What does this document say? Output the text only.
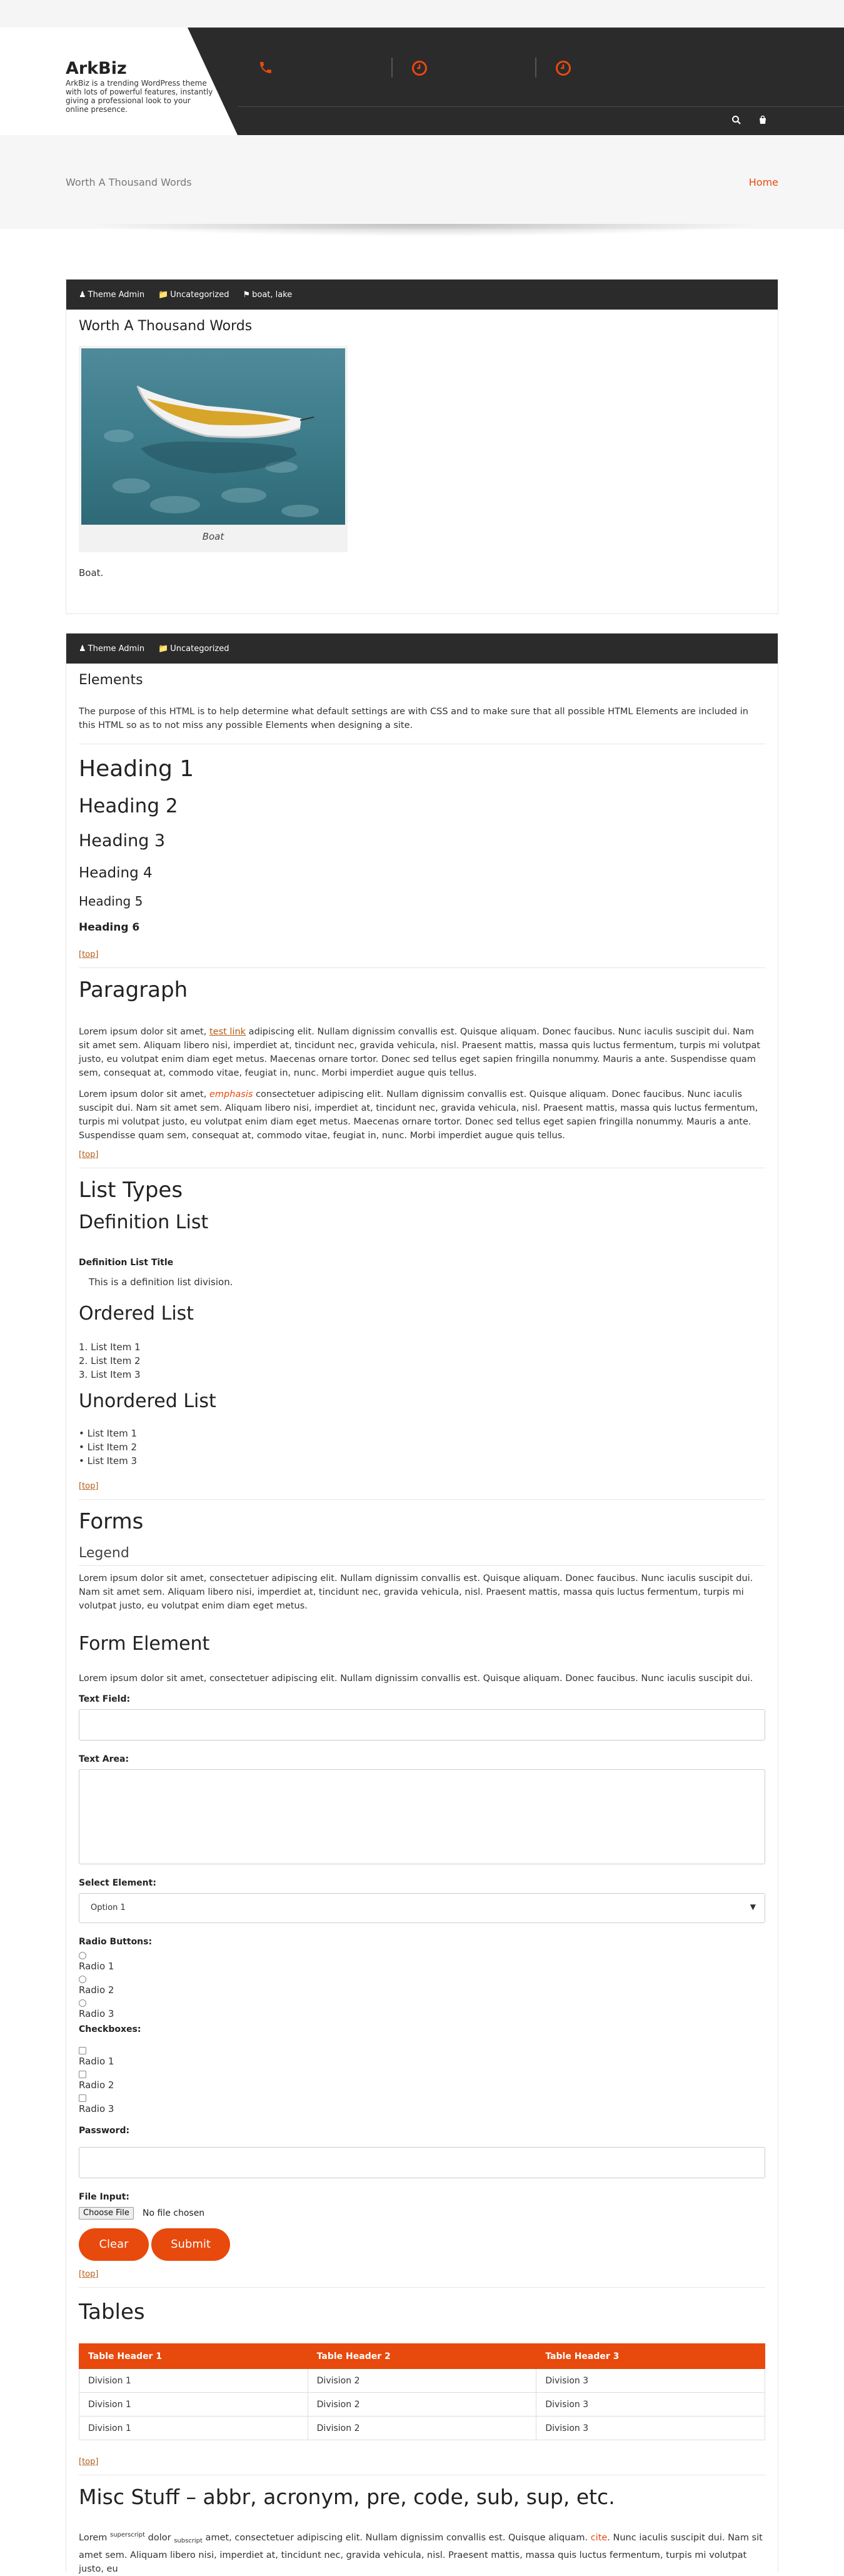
ArkBiz
ArkBiz is a trending WordPress theme with lots of powerful features, instantly giving a professional look to your online presence.
Worth A Thousand Words	Home
♟ Theme Admin 📁 Uncategorized ⚑ boat, lake
Worth A Thousand Words
Boat
Boat.
♟ Theme Admin 📁 Uncategorized
Elements
The purpose of this HTML is to help determine what default settings are with CSS and to make sure that all possible HTML Elements are included in this HTML so as to not miss any possible Elements when designing a site.
Heading 1
Heading 2
Heading 3
Heading 4
Heading 5
Heading 6
[top]
Paragraph
Lorem ipsum dolor sit amet, test link adipiscing elit. Nullam dignissim convallis est. Quisque aliquam. Donec faucibus. Nunc iaculis suscipit dui. Nam sit amet sem. Aliquam libero nisi, imperdiet at, tincidunt nec, gravida vehicula, nisl. Praesent mattis, massa quis luctus fermentum, turpis mi volutpat justo, eu volutpat enim diam eget metus. Maecenas ornare tortor. Donec sed tellus eget sapien fringilla nonummy. Mauris a ante. Suspendisse quam sem, consequat at, commodo vitae, feugiat in, nunc. Morbi imperdiet augue quis tellus.
Lorem ipsum dolor sit amet, emphasis consectetuer adipiscing elit. Nullam dignissim convallis est. Quisque aliquam. Donec faucibus. Nunc iaculis suscipit dui. Nam sit amet sem. Aliquam libero nisi, imperdiet at, tincidunt nec, gravida vehicula, nisl. Praesent mattis, massa quis luctus fermentum, turpis mi volutpat justo, eu volutpat enim diam eget metus. Maecenas ornare tortor. Donec sed tellus eget sapien fringilla nonummy. Mauris a ante. Suspendisse quam sem, consequat at, commodo vitae, feugiat in, nunc. Morbi imperdiet augue quis tellus.
[top]
List Types
Definition List
Definition List Title
This is a definition list division.
Ordered List
1. List Item 1
2. List Item 2
3. List Item 3
Unordered List
• List Item 1
• List Item 2
• List Item 3
[top]
Forms
Legend
Lorem ipsum dolor sit amet, consectetuer adipiscing elit. Nullam dignissim convallis est. Quisque aliquam. Donec faucibus. Nunc iaculis suscipit dui. Nam sit amet sem. Aliquam libero nisi, imperdiet at, tincidunt nec, gravida vehicula, nisl. Praesent mattis, massa quis luctus fermentum, turpis mi volutpat justo, eu volutpat enim diam eget metus.
Form Element
Lorem ipsum dolor sit amet, consectetuer adipiscing elit. Nullam dignissim convallis est. Quisque aliquam. Donec faucibus. Nunc iaculis suscipit dui.
Text Field:
Text Area:
Select Element:
Option 1	▼
Radio Buttons:
Radio 1
Radio 2
Radio 3
Checkboxes:
Radio 1
Radio 2
Radio 3
Password:
File Input:
Choose File	No file chosen
Clear	Submit
[top]
Tables
Table Header 1	Table Header 2	Table Header 3
Division 1	Division 2	Division 3
Division 1	Division 2	Division 3
Division 1	Division 2	Division 3
[top]
Misc Stuff – abbr, acronym, pre, code, sub, sup, etc.
Lorem $^{superscript}$ dolor $_{subscript}$ amet, consectetuer adipiscing elit. Nullam dignissim convallis est. Quisque aliquam. cite. Nunc iaculis suscipit dui. Nam sit amet sem. Aliquam libero nisi, imperdiet at, tincidunt nec, gravida vehicula, nisl. Praesent mattis, massa quis luctus fermentum, turpis mi volutpat justo, eu
